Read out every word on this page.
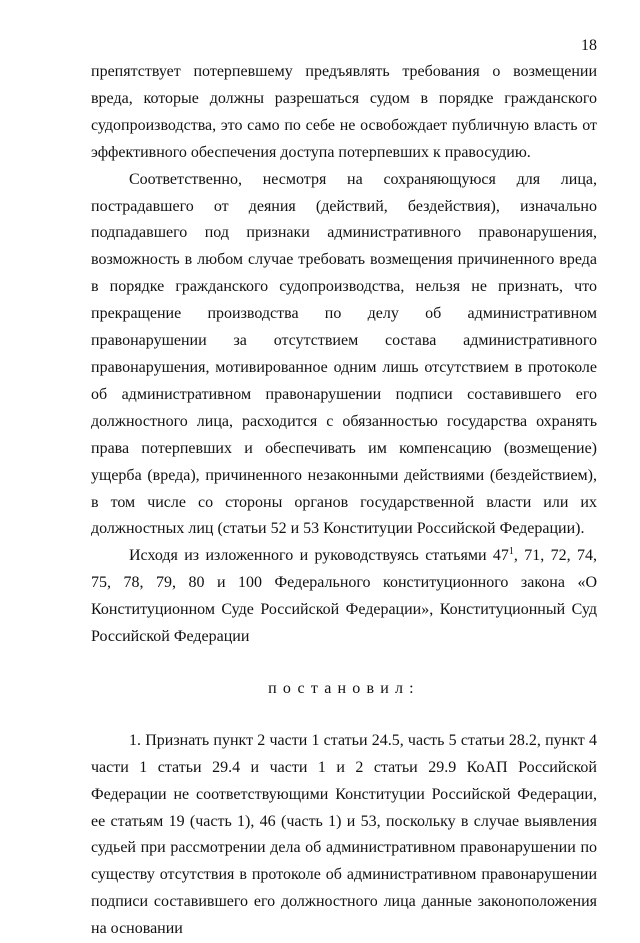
18

препятствует потерпевшему предъявлять требования о возмещении вреда, которые должны разрешаться судом в порядке гражданского судопроизводства, это само по себе не освобождает публичную власть от эффективного обеспечения доступа потерпевших к правосудию.

Соответственно, несмотря на сохраняющуюся для лица, пострадавшего от деяния (действий, бездействия), изначально подпадавшего под признаки административного правонарушения, возможность в любом случае требовать возмещения причиненного вреда в порядке гражданского судопроизводства, нельзя не признать, что прекращение производства по делу об административном правонарушении за отсутствием состава административного правонарушения, мотивированное одним лишь отсутствием в протоколе об административном правонарушении подписи составившего его должностного лица, расходится с обязанностью государства охранять права потерпевших и обеспечивать им компенсацию (возмещение) ущерба (вреда), причиненного незаконными действиями (бездействием), в том числе со стороны органов государственной власти или их должностных лиц (статьи 52 и 53 Конституции Российской Федерации).

Исходя из изложенного и руководствуясь статьями $47^1$, 71, 72, 74, 75, 78, 79, 80 и 100 Федерального конституционного закона «О Конституционном Суде Российской Федерации», Конституционный Суд Российской Федерации

постановил:

1. Признать пункт 2 части 1 статьи 24.5, часть 5 статьи 28.2, пункт 4 части 1 статьи 29.4 и части 1 и 2 статьи 29.9 КоАП Российской Федерации не соответствующими Конституции Российской Федерации, ее статьям 19 (часть 1), 46 (часть 1) и 53, поскольку в случае выявления судьей при рассмотрении дела об административном правонарушении по существу отсутствия в протоколе об административном правонарушении подписи составившего его должностного лица данные законоположения на основании
